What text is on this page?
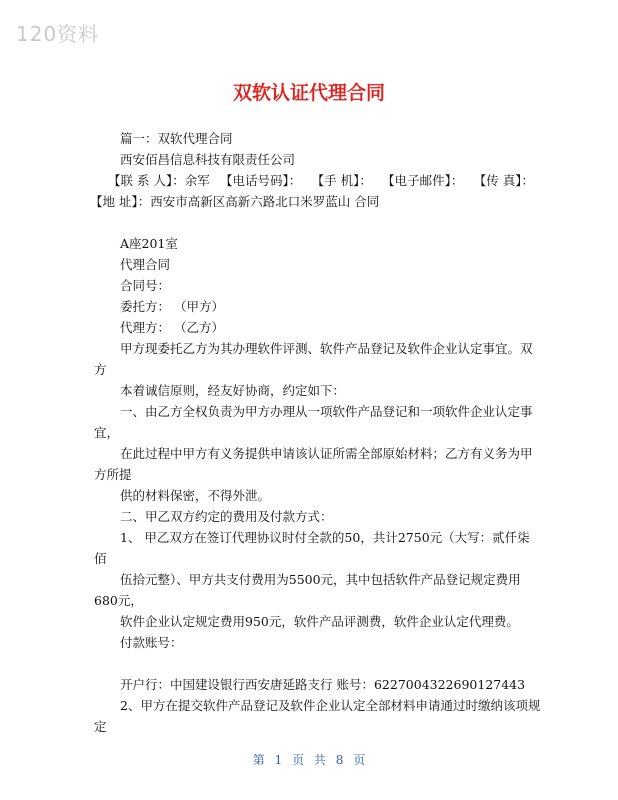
120资料
双软认证代理合同
篇一：双软代理合同
西安佰昌信息科技有限责任公司
【联 系 人】：余军 【电话号码】： 【手 机】： 【电子邮件】： 【传 真】：
【地 址】：西安市高新区高新六路北口米罗蓝山 合同
A座201室
代理合同
合同号：
委托方： （甲方）
代理方： （乙方）
甲方现委托乙方为其办理软件评测、软件产品登记及软件企业认定事宜。双
方
本着诚信原则，经友好协商，约定如下：
一、由乙方全权负责为甲方办理从一项软件产品登记和一项软件企业认定事
宜，
在此过程中甲方有义务提供申请该认证所需全部原始材料；乙方有义务为甲
方所提
供的材料保密，不得外泄。
二、甲乙双方约定的费用及付款方式：
1、 甲乙双方在签订代理协议时付全款的50，共计2750元（大写：贰仟柒
佰
伍拾元整）、甲方共支付费用为5500元，其中包括软件产品登记规定费用
680元，
软件企业认定规定费用950元，软件产品评测费，软件企业认定代理费。
付款账号：
开户行：中国建设银行西安唐延路支行 账号：6227004322690127443
2、甲方在提交软件产品登记及软件企业认定全部材料申请通过时缴纳该项规
定
第 1 页 共 8 页
